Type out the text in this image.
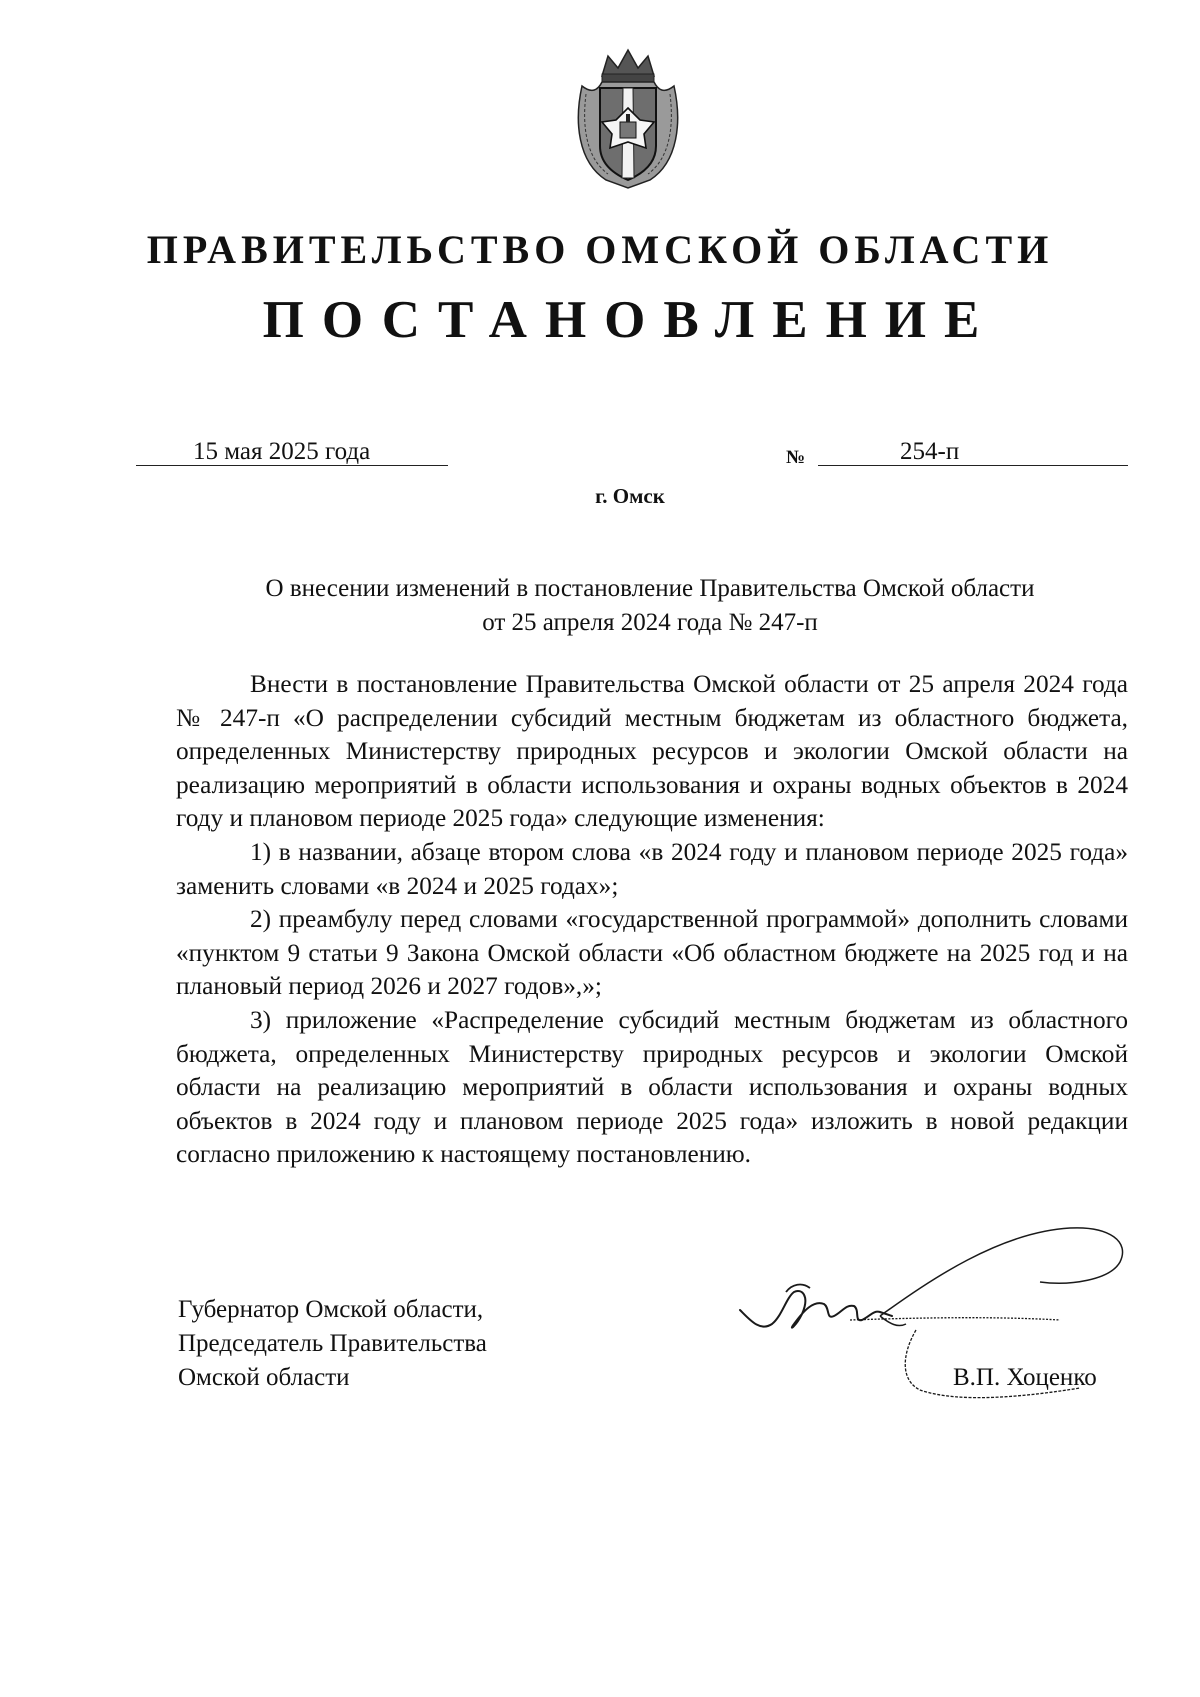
ПРАВИТЕЛЬСТВО ОМСКОЙ ОБЛАСТИ
ПОСТАНОВЛЕНИЕ
15 мая 2025 года	№	254-п
г. Омск
О внесении изменений в постановление Правительства Омской области
от 25 апреля 2024 года № 247-п

Внести в постановление Правительства Омской области от 25 апреля 2024 года № 247-п «О распределении субсидий местным бюджетам из областного бюджета, определенных Министерству природных ресурсов и экологии Омской области на реализацию мероприятий в области использования и охраны водных объектов в 2024 году и плановом периоде 2025 года» следующие изменения:

1) в названии, абзаце втором слова «в 2024 году и плановом периоде 2025 года» заменить словами «в 2024 и 2025 годах»;

2) преамбулу перед словами «государственной программой» дополнить словами «пунктом 9 статьи 9 Закона Омской области «Об областном бюджете на 2025 год и на плановый период 2026 и 2027 годов»,»;

3) приложение «Распределение субсидий местным бюджетам из областного бюджета, определенных Министерству природных ресурсов и экологии Омской области на реализацию мероприятий в области использования и охраны водных объектов в 2024 году и плановом периоде 2025 года» изложить в новой редакции согласно приложению к настоящему постановлению.

Губернатор Омской области,
Председатель Правительства
Омской области	В.П. Хоценко
